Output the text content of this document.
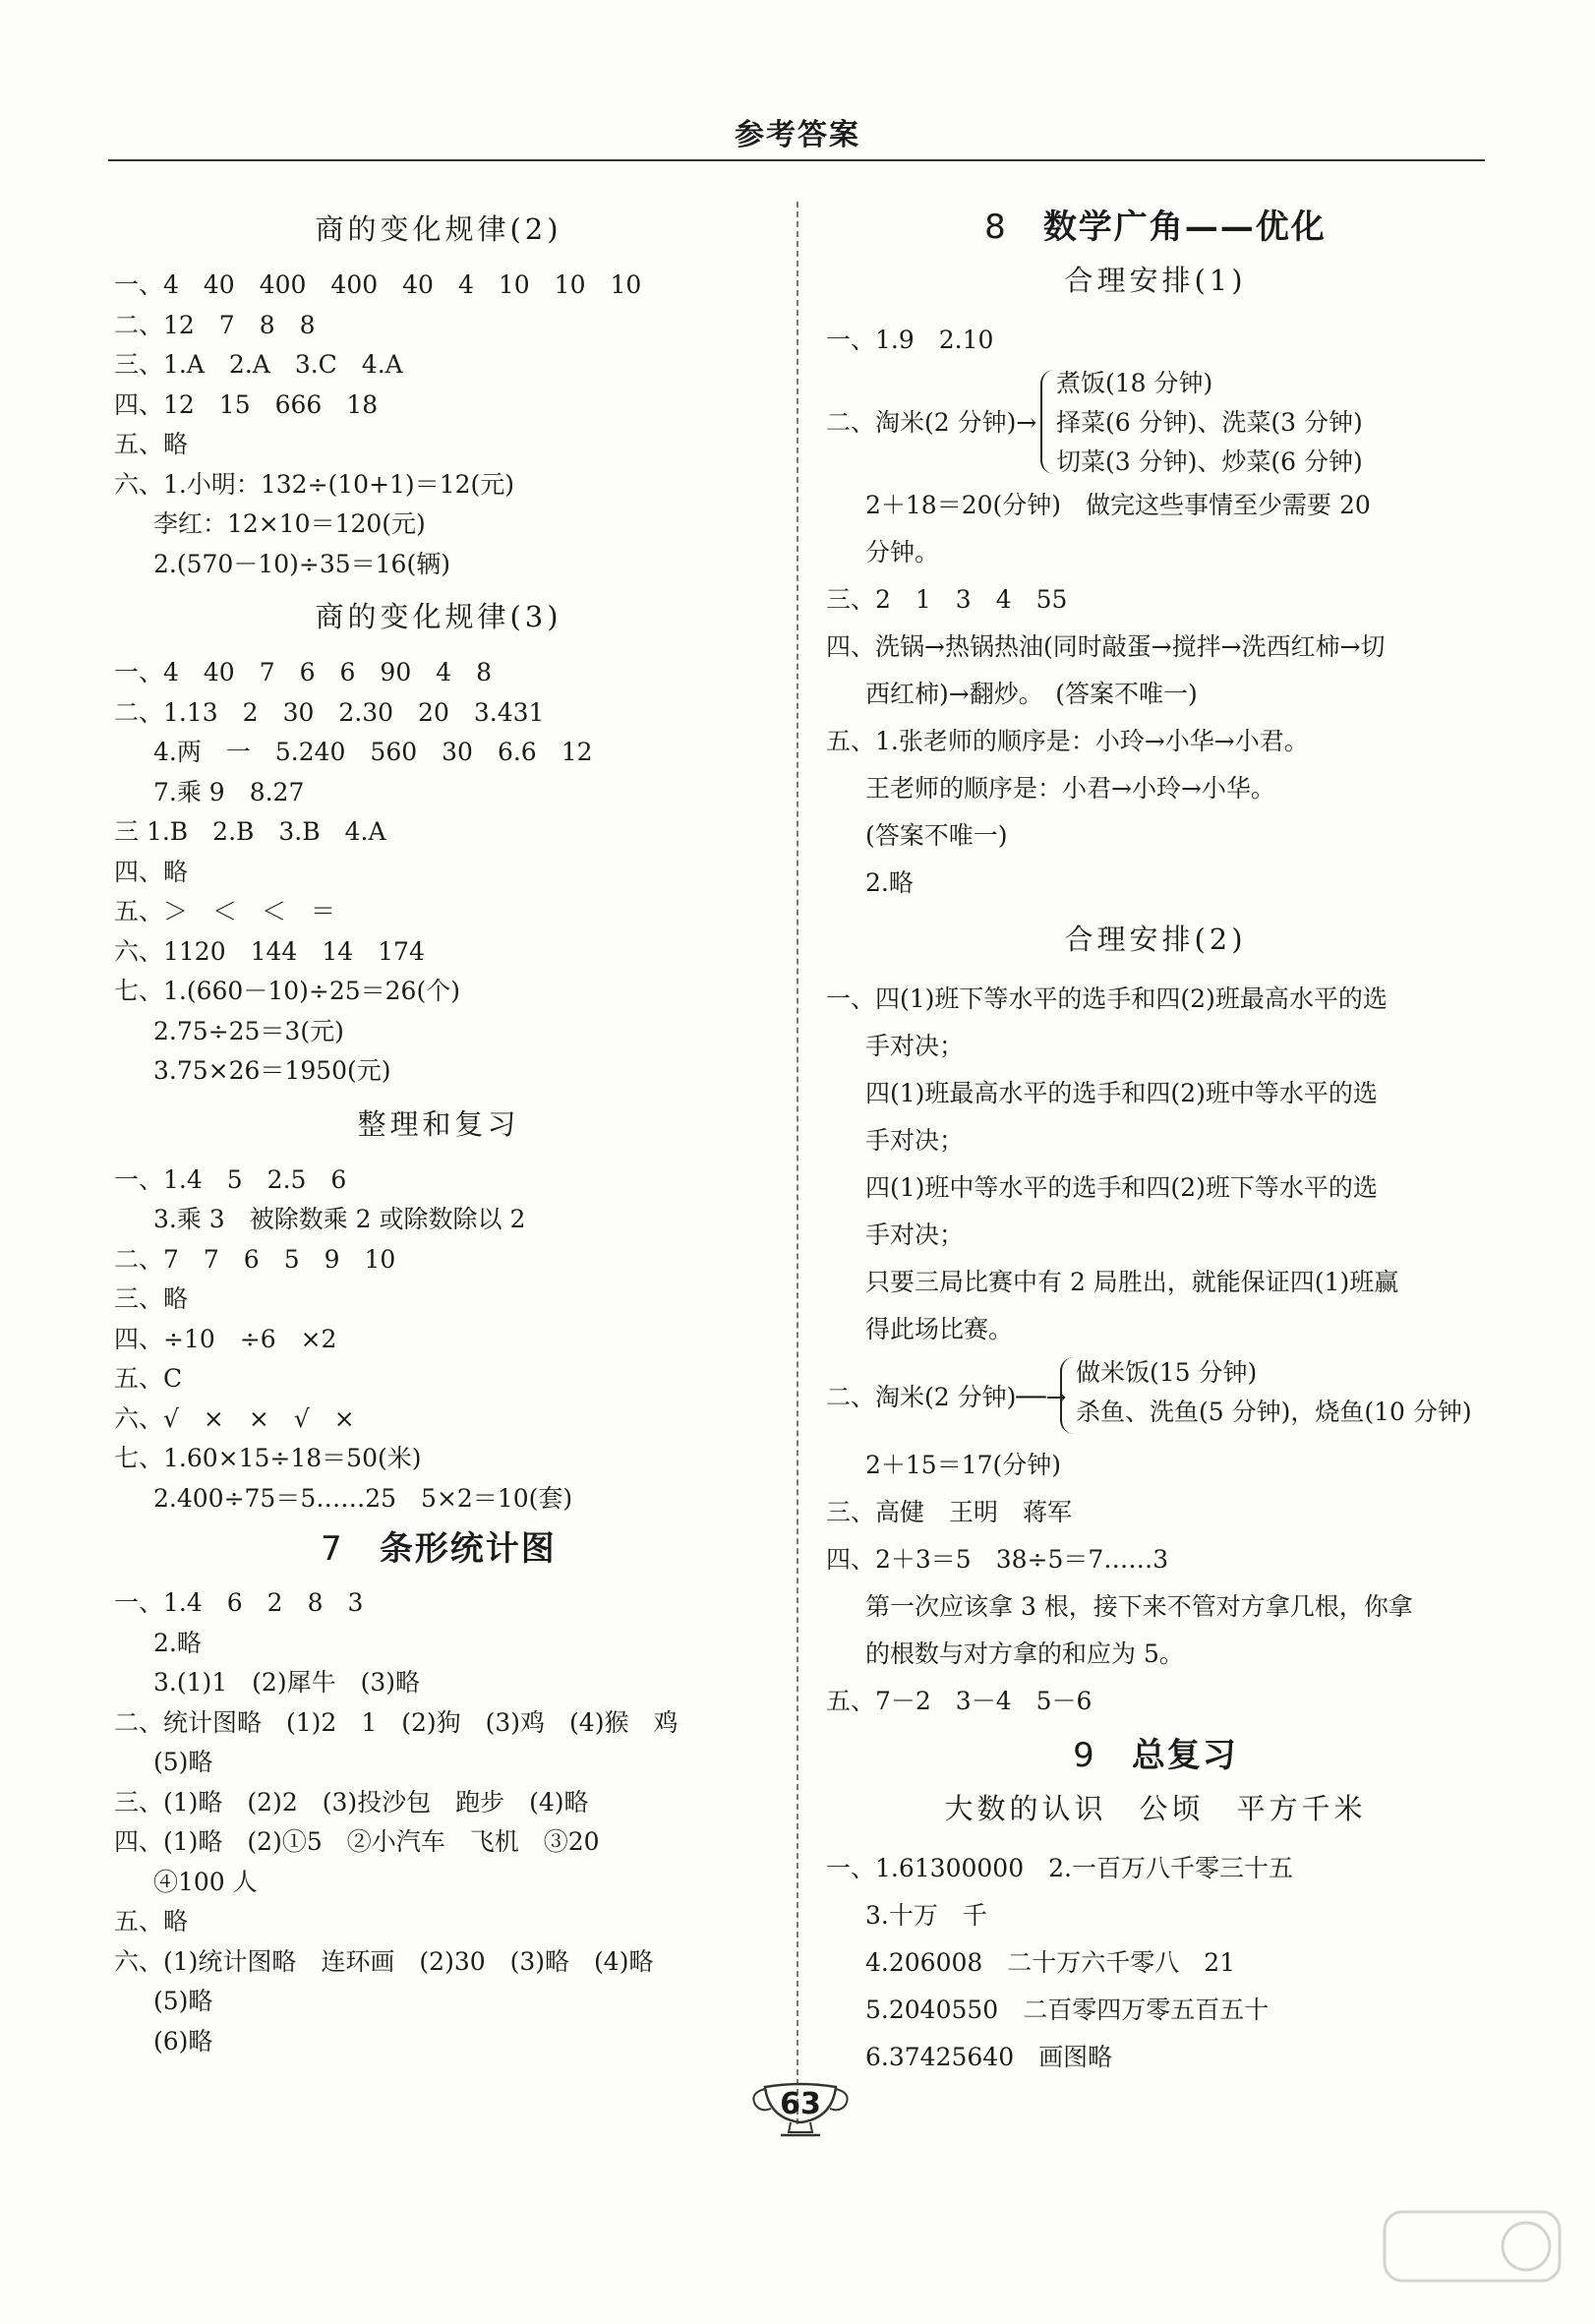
参考答案
商的变化规律(2)
一、4　40　400　400　40　4　10　10　10
二、12　7　8　8
三、1.A　2.A　3.C　4.A
四、12　15　666　18
五、略
六、1.小明：132÷(10+1)＝12(元)
李红：12×10＝120(元)
2.(570－10)÷35＝16(辆)
商的变化规律(3)
一、4　40　7　6　6　90　4　8
二、1.13　2　30　2.30　20　3.431
4.两　一　5.240　560　30　6.6　12
7.乘 9　8.27
三 1.B　2.B　3.B　4.A
四、略
五、＞　＜　＜　＝
六、1120　144　14　174
七、1.(660－10)÷25＝26(个)
2.75÷25＝3(元)
3.75×26＝1950(元)
整理和复习
一、1.4　5　2.5　6
3.乘 3　被除数乘 2 或除数除以 2
二、7　7　6　5　9　10
三、略
四、÷10　÷6　×2
五、C
六、√　×　×　√　×
七、1.60×15÷18＝50(米)
2.400÷75＝5……25　5×2＝10(套)
7 条形统计图
一、1.4　6　2　8　3
2.略
3.(1)1　(2)犀牛　(3)略
二、统计图略　(1)2　1　(2)狗　(3)鸡　(4)猴　鸡
(5)略
三、(1)略　(2)2　(3)投沙包　跑步　(4)略
四、(1)略　(2)①5　②小汽车　飞机　③20
④100 人
五、略
六、(1)统计图略　连环画　(2)30　(3)略　(4)略
(5)略
(6)略
8 数学广角——优化
合理安排(1)
一、1.9　2.10
二、淘米(2 分钟)→
煮饭(18 分钟)
择菜(6 分钟)、洗菜(3 分钟)
切菜(3 分钟)、炒菜(6 分钟)
2＋18＝20(分钟)　做完这些事情至少需要 20
分钟。
三、2　1　3　4　55
四、洗锅→热锅热油(同时敲蛋→搅拌→洗西红柿→切
西红柿)→翻炒。　(答案不唯一)
五、1.张老师的顺序是：小玲→小华→小君。
王老师的顺序是：小君→小玲→小华。
(答案不唯一)
2.略
合理安排(2)
一、四(1)班下等水平的选手和四(2)班最高水平的选
手对决；
四(1)班最高水平的选手和四(2)班中等水平的选
手对决；
四(1)班中等水平的选手和四(2)班下等水平的选
手对决；
只要三局比赛中有 2 局胜出，就能保证四(1)班赢
得此场比赛。
二、淘米(2 分钟)──→
做米饭(15 分钟)
杀鱼、洗鱼(5 分钟)，烧鱼(10 分钟)
2＋15＝17(分钟)
三、高健　王明　蒋军
四、2＋3＝5　38÷5＝7……3
第一次应该拿 3 根，接下来不管对方拿几根，你拿
的根数与对方拿的和应为 5。
五、7－2　3－4　5－6
9 总复习
大数的认识　公顷　平方千米
一、1.61300000　2.一百万八千零三十五
3.十万　千
4.206008　二十万六千零八　21
5.2040550　二百零四万零五百五十
6.37425640　画图略
63
